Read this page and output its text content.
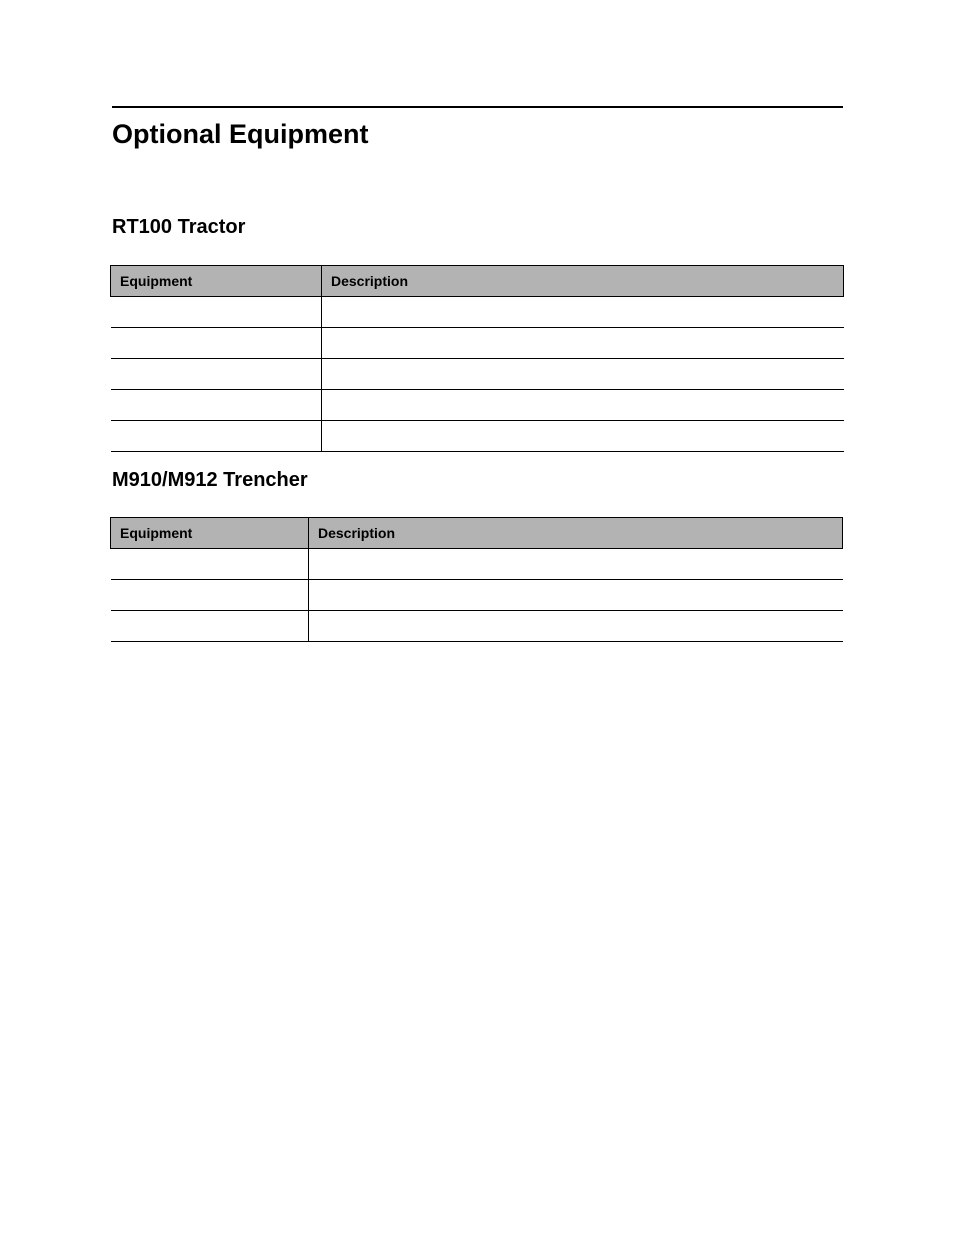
Optional Equipment
RT100 Tractor
Equipment	Description

M910/M912 Trencher
Equipment	Description
